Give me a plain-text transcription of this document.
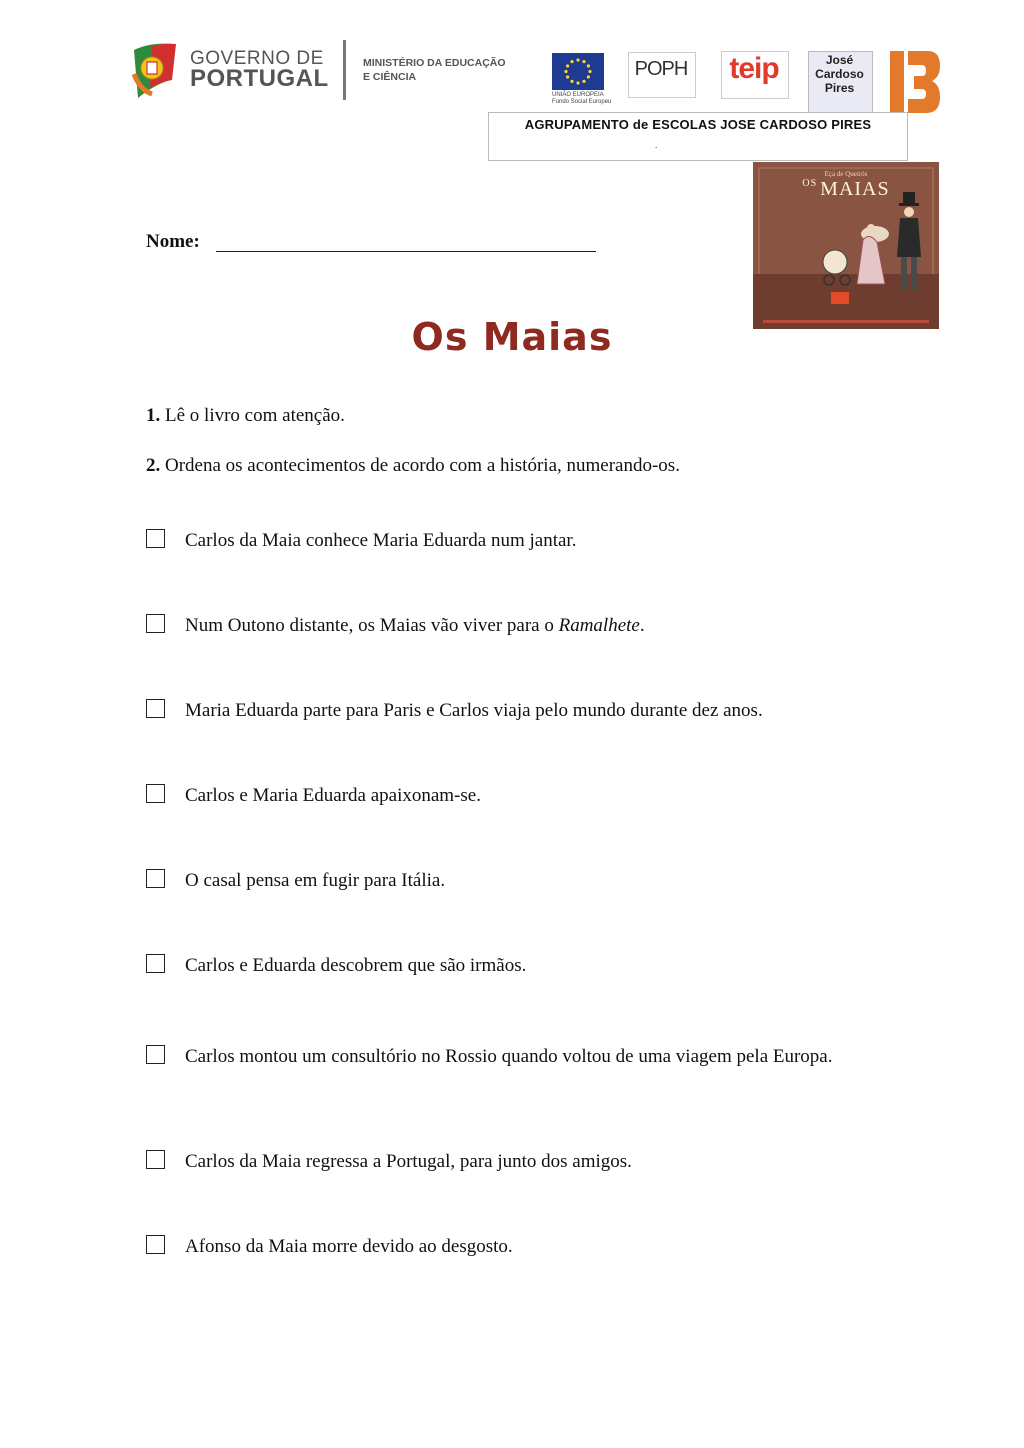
GOVERNO DE
PORTUGAL
MINISTÉRIO DA EDUCAÇÃO
E CIÊNCIA
UNIÃO EUROPEIA
Fundo Social Europeu
POPH teip	José
Cardoso
Pires
AGRUPAMENTO de ESCOLAS JOSE CARDOSO PIRES
.
Eça de Queirós
$^{OS}$ MAIAS
Nome:
Os Maias
1. Lê o livro com atenção.
2. Ordena os acontecimentos de acordo com a história, numerando-os.
Carlos da Maia conhece Maria Eduarda num jantar.
Num Outono distante, os Maias vão viver para o Ramalhete.
Maria Eduarda parte para Paris e Carlos viaja pelo mundo durante dez anos.
Carlos e Maria Eduarda apaixonam-se.
O casal pensa em fugir para Itália.
Carlos e Eduarda descobrem que são irmãos.
Carlos montou um consultório no Rossio quando voltou de uma viagem pela Europa.
Carlos da Maia regressa a Portugal, para junto dos amigos.
Afonso da Maia morre devido ao desgosto.
